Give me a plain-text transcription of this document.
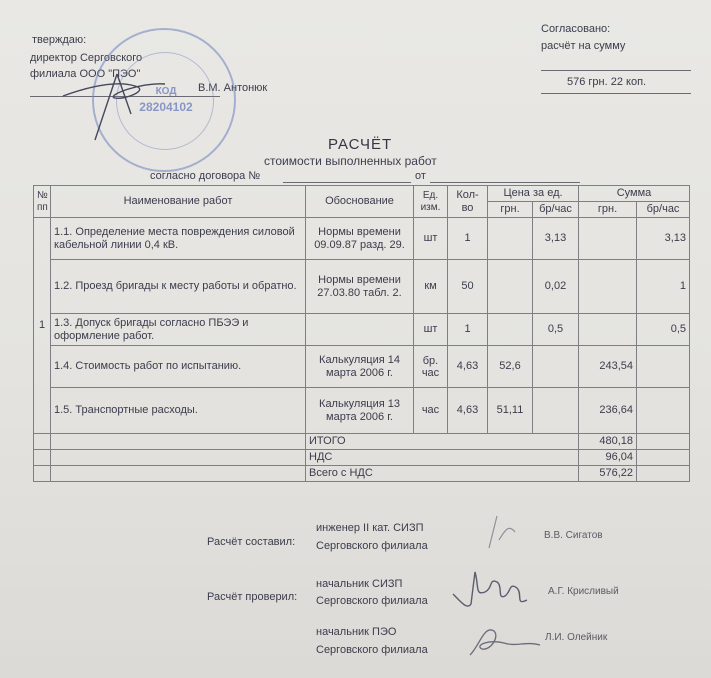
тверждаю:
директор Серговского
филиала ООО "ПЭО"
В.М. Антонюк
КОД
28204102
Согласовано:
расчёт на сумму
576 грн. 22 коп.
РАСЧЁТ
стоимости выполненных работ
согласно договора №	от
№ пп	Наименование работ	Обоснование	Ед. изм.	Кол-во	Цена за ед.		Сумма	
					грн.	бр/час	грн.	бр/час
1	1.1. Определение места повреждения силовой кабельной линии 0,4 кВ.	Нормы времени 09.09.87 разд. 29.	шт	1		3,13		3,13
	1.2. Проезд бригады к месту работы и обратно.	Нормы времени 27.03.80 табл. 2.	км	50		0,02		1
	1.3. Допуск бригады согласно ПБЭЭ и оформление работ.		шт	1		0,5		0,5
	1.4. Стоимость работ по испытанию.	Калькуляция 14 марта 2006 г.	бр. час	4,63	52,6		243,54	
	1.5. Транспортные расходы.	Калькуляция 13 марта 2006 г.	час	4,63	51,11		236,64	
		ИТОГО					480,18	
		НДС					96,04	
		Всего с НДС					576,22	
Расчёт составил:
инженер II кат. СИЗП
Серговского филиала
В.В. Сигатов
Расчёт проверил:
начальник СИЗП
Серговского филиала
А.Г. Крисливый
начальник ПЭО
Серговского филиала
Л.И. Олейник
